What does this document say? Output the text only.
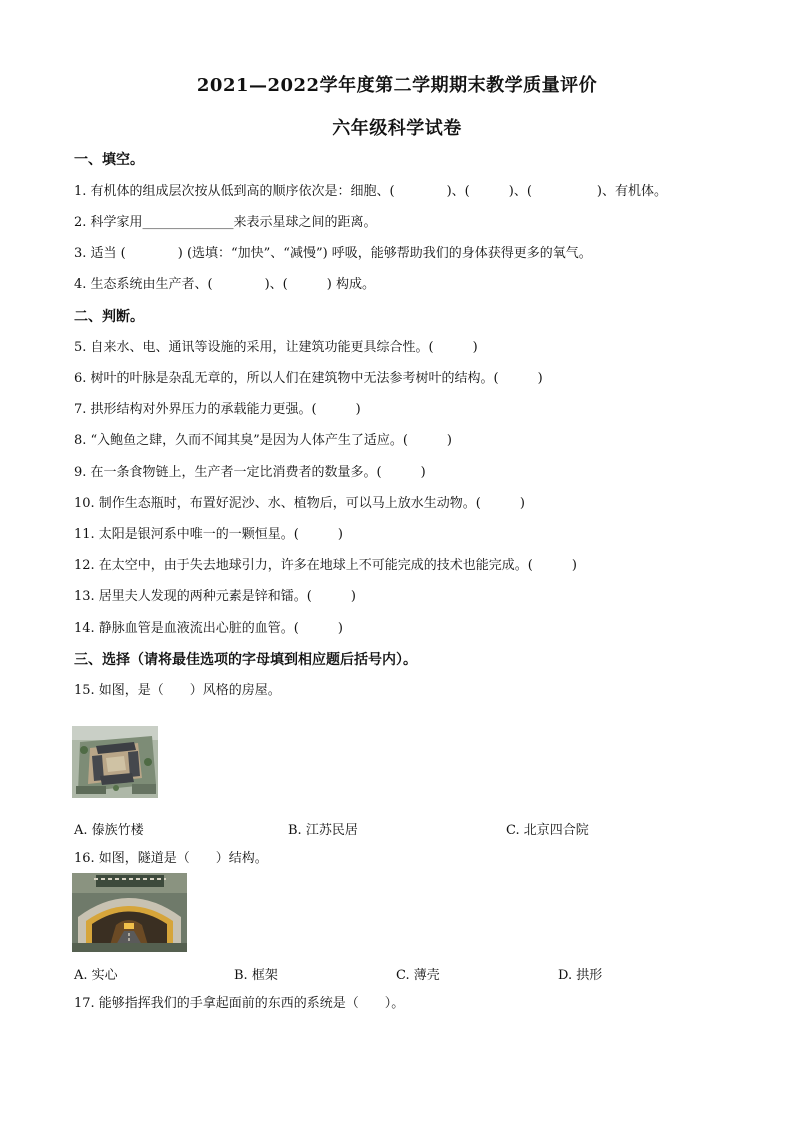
2021—2022学年度第二学期期末教学质量评价
六年级科学试卷
一、填空。
1. 有机体的组成层次按从低到高的顺序依次是：细胞、(　　　　)、(　　　)、(　　　　　)、有机体。
2. 科学家用______________来表示星球之间的距离。
3. 适当 (　　　　) (选填：“加快”、“减慢”) 呼吸，能够帮助我们的身体获得更多的氧气。
4. 生态系统由生产者、(　　　　)、(　　　) 构成。
二、判断。
5. 自来水、电、通讯等设施的采用，让建筑功能更具综合性。(　　　)
6. 树叶的叶脉是杂乱无章的，所以人们在建筑物中无法参考树叶的结构。(　　　)
7. 拱形结构对外界压力的承载能力更强。(　　　)
8. “入鲍鱼之肆，久而不闻其臭”是因为人体产生了适应。(　　　)
9. 在一条食物链上，生产者一定比消费者的数量多。(　　　)
10. 制作生态瓶时，布置好泥沙、水、植物后，可以马上放水生动物。(　　　)
11. 太阳是银河系中唯一的一颗恒星。(　　　)
12. 在太空中，由于失去地球引力，许多在地球上不可能完成的技术也能完成。(　　　)
13. 居里夫人发现的两种元素是锌和镭。(　　　)
14. 静脉血管是血液流出心脏的血管。(　　　)
三、选择（请将最佳选项的字母填到相应题后括号内）。
15. 如图，是（　　）风格的房屋。
A. 傣族竹楼	B. 江苏民居	C. 北京四合院
16. 如图，隧道是（　　）结构。
A. 实心	B. 框架	C. 薄壳	D. 拱形
17. 能够指挥我们的手拿起面前的东西的系统是（　　）。
